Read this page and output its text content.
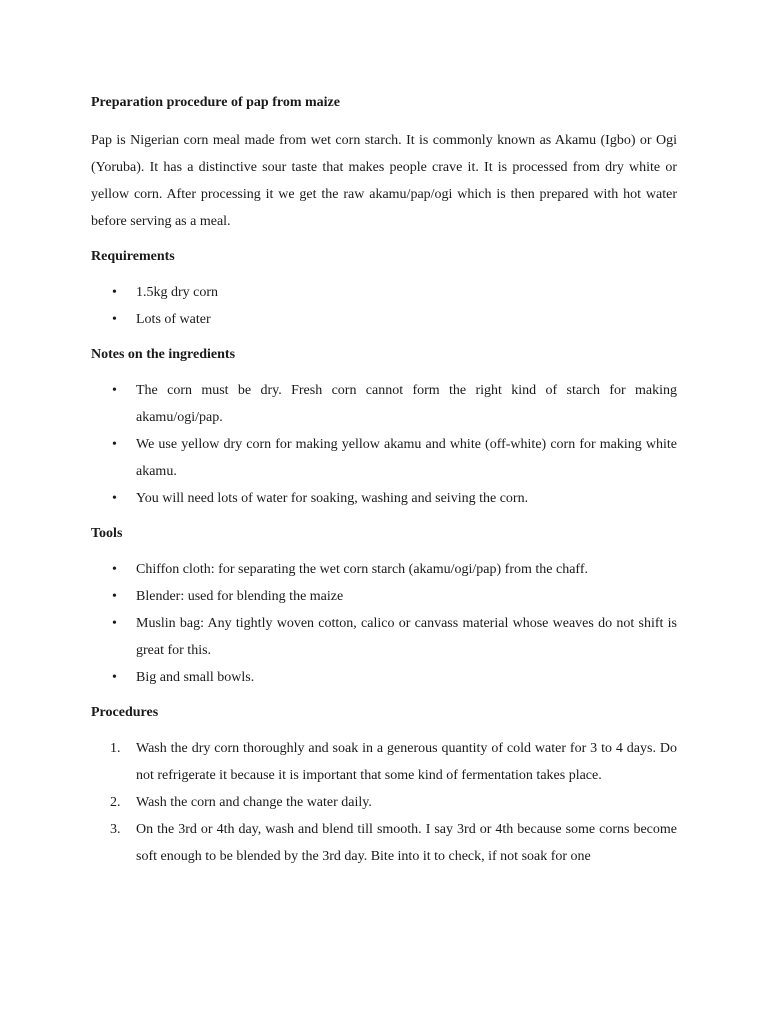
Preparation procedure of pap from maize

Pap is Nigerian corn meal made from wet corn starch. It is commonly known as Akamu (Igbo) or Ogi (Yoruba). It has a distinctive sour taste that makes people crave it. It is processed from dry white or yellow corn. After processing it we get the raw akamu/pap/ogi which is then prepared with hot water before serving as a meal.

Requirements
• 1.5kg dry corn
• Lots of water
Notes on the ingredients
• The corn must be dry. Fresh corn cannot form the right kind of starch for making akamu/ogi/pap.
• We use yellow dry corn for making yellow akamu and white (off-white) corn for making white akamu.
• You will need lots of water for soaking, washing and seiving the corn.
Tools
• Chiffon cloth: for separating the wet corn starch (akamu/ogi/pap) from the chaff.
• Blender: used for blending the maize
• Muslin bag: Any tightly woven cotton, calico or canvass material whose weaves do not shift is great for this.
• Big and small bowls.
Procedures
1. Wash the dry corn thoroughly and soak in a generous quantity of cold water for 3 to 4 days. Do not refrigerate it because it is important that some kind of fermentation takes place.
2. Wash the corn and change the water daily.
3. On the 3rd or 4th day, wash and blend till smooth. I say 3rd or 4th because some corns become soft enough to be blended by the 3rd day. Bite into it to check, if not soak for one
